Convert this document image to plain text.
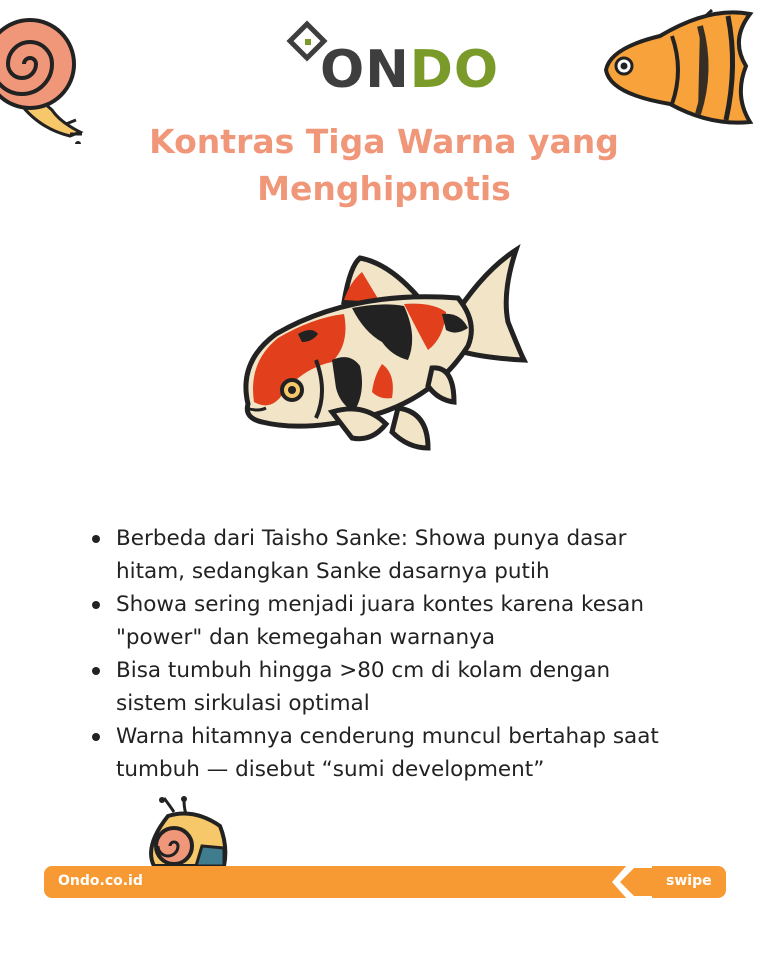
ONDO
Kontras Tiga Warna yang
Menghipnotis
Berbeda dari Taisho Sanke: Showa punya dasar
hitam, sedangkan Sanke dasarnya putih
Showa sering menjadi juara kontes karena kesan
"power" dan kemegahan warnanya
Bisa tumbuh hingga >80 cm di kolam dengan
sistem sirkulasi optimal
Warna hitamnya cenderung muncul bertahap saat
tumbuh — disebut “sumi development”
Ondo.co.id	swipe
